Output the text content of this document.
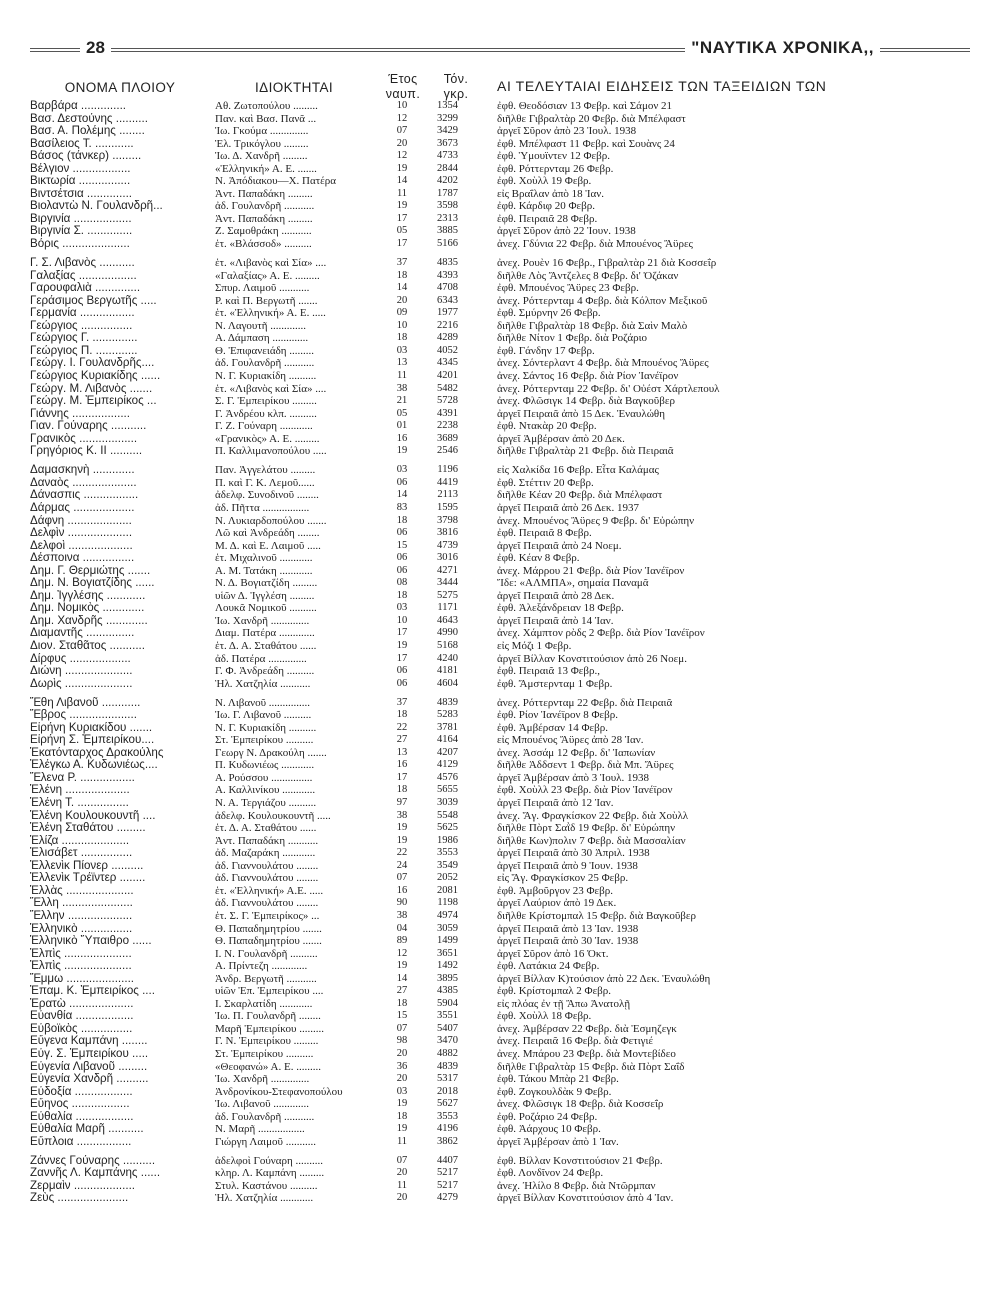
28	"ΝΑΥΤΙΚΑ ΧΡΟΝΙΚΑ,,
ΟΝΟΜΑ ΠΛΟΙΟΥ	ΙΔΙΟΚΤΗΤΑΙ
Έτος
ναυπ.
Τόν.
γκρ.	ΑΙ ΤΕΛΕΥΤΑΙΑΙ ΕΙΔΗΣΕΙΣ ΤΩΝ ΤΑΞΕΙΔΙΩΝ ΤΩΝ
Βαρβάρα ..............	Αθ. Ζωτοπούλου .........	10	1354	ἐφθ. Θεοδόσιαν 13 Φεβρ. καὶ Σάμον 21
Βασ. Δεστούνης ..........	Παν. καὶ Βασ. Πανᾶ ...	12	3299	διῆλθε Γιβραλτὰρ 20 Φεβρ. διὰ Μπέλφαστ
Βασ. Α. Πολέμης ........	Ἰω. Γκούμα ..............	07	3429	ἀργεῖ Σῦρον ἀπὸ 23 Ἰουλ. 1938
Βασίλειος Τ. ............	Ἑλ. Τρικόγλου .........	20	3673	ἐφθ. Μπέλφαστ 11 Φεβρ. καὶ Σουὰνς 24
Βάσος (τάνκερ) .........	Ἰω. Δ. Χανδρῆ .........	12	4733	ἐφθ. Ὑμουϊντεν 12 Φεβρ.
Βέλγιον ..................	«Ἑλληνική» Α. Ε. .......	19	2844	ἐφθ. Ρόττερνταμ 26 Φεβρ.
Βικτωρία ................	Ν. Ἀπόδιακου—Χ. Πατέρα	14	4202	ἐφθ. Χοὺλλ 19 Φεβρ.
Βιντσέτσια ..............	Ἀντ. Παπαδάκη .........	11	1787	εἰς Βραΐλαν ἀπὸ 18 Ἰαν.
Βιολαντὼ Ν. Γουλανδρῆ...	ἀδ. Γουλανδρῆ ...........	19	3598	ἐφθ. Κάρδιφ 20 Φεβρ.
Βιργινία ..................	Ἀντ. Παπαδάκη .........	17	2313	ἐφθ. Πειραιᾶ 28 Φεβρ.
Βιργινία Σ. ..............	Ζ. Σαμοθράκη ...........	05	3885	ἀργεῖ Σῦρον ἀπὸ 22 Ἰουν. 1938
Βόρις .....................	ἑτ. «Βλάσσοδ» ..........	17	5166	ἀνεχ. Γδύνια 22 Φεβρ. διὰ Μπουένος Ἄϋρες
Γ. Σ. Λιβανὸς ...........	ἑτ. «Λιβανὸς καὶ Σία» ....	37	4835	ἀνεχ. Ρουὲν 16 Φεβρ., Γιβραλτὰρ 21 διὰ Κοσσεΐρ
Γαλαξίας ..................	«Γαλαξίας» Α. Ε. .........	18	4393	διῆλθε Λὸς Ἄντζελες 8 Φεβρ. δι' Ὀζάκαν
Γαρουφαλιὰ ..............	Σπυρ. Λαιμοῦ ...........	14	4708	ἐφθ. Μπουένος Ἄϋρες 23 Φεβρ.
Γεράσιμος Βεργωτῆς .....	Ρ. καὶ Π. Βεργωτῆ .......	20	6343	ἀνεχ. Ρόττερνταμ 4 Φεβρ. διὰ Κόλπον Μεξικοῦ
Γερμανία .................	ἑτ. «Ἑλληνική» Α. Ε. .....	09	1977	ἐφθ. Σμύρνην 26 Φεβρ.
Γεώργιος ................	Ν. Λαγουτῆ .............	10	2216	διῆλθε Γιβραλτὰρ 18 Φεβρ. διὰ Σαὶν Μαλὸ
Γεώργιος Γ. ..............	Α. Δάμπαση .............	18	4289	διῆλθε Νίτον 1 Φεβρ. διὰ Ροζάριο
Γεώργιος Π. .............	Θ. Ἐπιφανειάδη .........	03	4052	ἐφθ. Γάνδην 17 Φεβρ.
Γεώργ. Ι. Γουλανδρῆς....	ἀδ. Γουλανδρῆ ...........	13	4345	ἀνεχ. Σόντερλαντ 4 Φεβρ. διὰ Μπουένος Ἄϋρες
Γεώργιος Κυριακίδης ......	Ν. Γ. Κυριακίδη ..........	11	4201	ἀνεχ. Σάντος 16 Φεβρ. διὰ Ρίον Ἰανέϊρον
Γεώργ. Μ. Λιβανὸς .......	ἑτ. «Λιβανὸς καὶ Σία» ....	38	5482	ἀνεχ. Ρόττερνταμ 22 Φεβρ. δι' Οὐέστ Χάρτλεπουλ
Γεώργ. Μ. Ἐμπειρίκος ...	Σ. Γ. Ἐμπειρίκου .........	21	5728	ἀνεχ. Φλῶσιγκ 14 Φεβρ. διὰ Βαγκοῦβερ
Γιάννης ..................	Γ. Ἀνδρέου κλπ. ..........	05	4391	ἀργεῖ Πειραιᾶ ἀπὸ 15 Δεκ. Ἐναυλώθη
Γιαν. Γούναρης ...........	Γ. Ζ. Γούναρη ............	01	2238	ἐφθ. Ντακὰρ 20 Φεβρ.
Γρανικὸς ..................	«Γρανικὸς» Α. Ε. .........	16	3689	ἀργεῖ Ἀμβέρσαν ἀπὸ 20 Δεκ.
Γρηγόριος Κ. ΙΙ ..........	Π. Καλλιμανοπούλου .....	19	2546	διῆλθε Γιβραλτὰρ 21 Φεβρ. διὰ Πειραιᾶ
Δαμασκηνὴ .............	Παν. Ἀγγελάτου .........	03	1196	εἰς Χαλκίδα 16 Φεβρ. Εἶτα Καλάμας
Δαναὸς ....................	Π. καὶ Γ. Κ. Λεμοῦ......	06	4419	ἐφθ. Στέττιν 20 Φεβρ.
Δάνασπις .................	ἀδελφ. Συνοδινοῦ ........	14	2113	διῆλθε Κέαν 20 Φεβρ. διὰ Μπέλφαστ
Δάρμας ...................	ἀδ. Πῆττα .................	83	1595	ἀργεῖ Πειραιᾶ ἀπὸ 26 Δεκ. 1937
Δάφνη ....................	Ν. Λυκιαρδοπούλου .......	18	3798	ἀνεχ. Μπουένος Ἄϋρες 9 Φεβρ. δι' Εὐρώπην
Δελφὶν ....................	Λῶ καὶ Ἀνδρεάδη ........	06	3816	ἐφθ. Πειραιᾶ 8 Φεβρ.
Δελφοὶ ....................	Μ. Δ. καὶ Ε. Λαιμοῦ .....	15	4739	ἀργεῖ Πειραιᾶ ἀπὸ 24 Νοεμ.
Δέσποινα ................	ἑτ. Μιχαλινοῦ ............	06	3016	ἐφθ. Κέαν 8 Φεβρ.
Δημ. Γ. Θερμιώτης .......	Α. Μ. Τατάκη ............	06	4271	ἀνεχ. Μάρρου 21 Φεβρ. διὰ Ρίον Ἰανέϊρον
Δημ. Ν. Βογιατζίδης ......	Ν. Δ. Βογιατζίδη .........	08	3444	Ἴδε: «ΑΛΜΠΑ», σημαία Παναμᾶ
Δημ. Ἰγγλέσης ............	υἱῶν Δ. Ἰγγλέση .........	18	5275	ἀργεῖ Πειραιᾶ ἀπὸ 28 Δεκ.
Δημ. Νομικὸς .............	Λουκᾶ Νομικοῦ ..........	03	1171	ἐφθ. Ἀλεξάνδρειαν 18 Φεβρ.
Δημ. Χανδρῆς .............	Ἰω. Χανδρῆ ..............	10	4643	ἀργεῖ Πειραιᾶ ἀπὸ 14 Ἰαν.
Διαμαντῆς ...............	Διαμ. Πατέρα .............	17	4990	ἀνεχ. Χάμπτον ρὸδς 2 Φεβρ. διὰ Ρίον Ἰανέϊρον
Διον. Σταθᾶτος ...........	ἑτ. Δ. Α. Σταθάτου ......	19	5168	εἰς Μόζι 1 Φεβρ.
Δίρφυς ...................	ἀδ. Πατέρα ..............	17	4240	ἀργεῖ Βίλλαν Κονστιτούσιον ἀπὸ 26 Νοεμ.
Διώνη .....................	Γ. Φ. Ἀνδρεάδη ..........	06	4181	ἐφθ. Πειραιᾶ 13 Φεβρ.,
Δωρὶς .....................	Ἡλ. Χατζηλία ...........	06	4604	ἐφθ. Ἄμστερνταμ 1 Φεβρ.
Ἔθη Λιβανοῦ ............	Ν. Λιβανοῦ ...............	37	4839	ἀνεχ. Ρόττερνταμ 22 Φεβρ. διὰ Πειραιᾶ
Ἔβρος .....................	Ἰω. Γ. Λιβανοῦ ..........	18	5283	ἐφθ. Ρίον Ἰανέϊρον 8 Φεβρ.
Εἰρήνη Κυριακίδου .......	Ν. Γ. Κυριακίδη ..........	22	3781	ἐφθ. Ἀμβέρσαν 14 Φεβρ.
Εἰρήνη Σ. Ἐμπειρίκου....	Στ. Ἐμπειρίκου ..........	27	4164	εἰς Μπουένος Ἄϋρες ἀπὸ 28 Ἰαν.
Ἑκατόνταρχος Δρακούλης	Γεωργ Ν. Δρακούλη .......	13	4207	ἀνεχ. Ἀσσάμ 12 Φεβρ. δι' Ἰαπωνίαν
Ἐλέγκω Α. Κυδωνιέως....	Π. Κυδωνιέως ............	16	4129	διῆλθε Ἀδδσεντ 1 Φεβρ. διὰ Μπ. Ἄϋρες
Ἔλενα Ρ. .................	Α. Ρούσσου ...............	17	4576	ἀργεῖ Ἀμβέρσαν ἀπὸ 3 Ἰουλ. 1938
Ἑλένη ....................	Α. Καλλινίκου ............	18	5655	ἐφθ. Χοὺλλ 23 Φεβρ. διὰ Ρίον Ἰανέϊρον
Ἑλένη Τ. ................	Ν. Α. Τεργιάζου ..........	97	3039	ἀργεῖ Πειραιᾶ ἀπὸ 12 Ἰαν.
Ἑλένη Κουλουκουντῆ ....	ἀδελφ. Κουλουκουντῆ .....	38	5548	ἀνεχ. Ἅγ. Φραγκίσκον 22 Φεβρ. διὰ Χοὺλλ
Ἑλένη Σταθάτου .........	ἑτ. Δ. Α. Σταθάτου ......	19	5625	διῆλθε Πὸρτ Σαῒδ 19 Φεβρ. δι' Εὐρώπην
Ἑλίζα .....................	Ἀντ. Παπαδάκη ...........	19	1986	διῆλθε Κων)πολιν 7 Φεβρ. διὰ Μασσαλίαν
Ἐλισάβετ ................	ἀδ. Μαζαράκη ............	22	3553	ἀργεῖ Πειραιᾶ ἀπὸ 30 Ἀπριλ. 1938
Ἐλλενὶκ Πίονερ ..........	ἀδ. Γιαννουλάτου ........	24	3549	ἀργεῖ Πειραιᾶ ἀπὸ 9 Ἰουν. 1938
Ἐλλενὶκ Τρέϊντερ ........	ἀδ. Γιαννουλάτου ........	07	2052	εἰς Ἅγ. Φραγκίσκον 25 Φεβρ.
Ἑλλὰς .....................	ἑτ. «Ἑλληνική» Α.Ε. .....	16	2081	ἐφθ. Ἀμβοῦργον 23 Φεβρ.
Ἕλλη ......................	ἀδ. Γιαννουλάτου ........	90	1198	ἀργεῖ Λαύριον ἀπὸ 19 Δεκ.
Ἕλλην ....................	ἑτ. Σ. Γ. Ἐμπειρίκος» ...	38	4974	διῆλθε Κρίστομπαλ 15 Φεβρ. διὰ Βαγκοῦβερ
Ἑλληνικὸ ................	Θ. Παπαδημητρίου .......	04	3059	ἀργεῖ Πειραιᾶ ἀπὸ 13 Ἰαν. 1938
Ἑλληνικὸ Ὕπαιθρο ......	Θ. Παπαδημητρίου .......	89	1499	ἀργεῖ Πειραιᾶ ἀπὸ 30 Ἰαν. 1938
Ἐλπὶς .....................	Ι. Ν. Γουλανδρῆ ..........	12	3651	ἀργεῖ Σῦρον ἀπὸ 16 Ὀκτ.
Ἐλπὶς .....................	Α. Πρίντεζη .............	19	1492	ἐφθ. Λατάκια 24 Φεβρ.
Ἔμμω .....................	Ἀνδρ. Βεργωτῆ ...........	14	3895	ἀργεῖ Βίλλαν Κ)τούσιον ἀπὸ 22 Δεκ. Ἐναυλώθη
Ἐπαμ. Κ. Ἐμπειρίκος ....	υἱῶν Ἐπ. Ἐμπειρίκου ....	27	4385	ἐφθ. Κρίστομπαλ 2 Φεβρ.
Ἐρατὼ ....................	Ι. Σκαρλατίδη ............	18	5904	εἰς πλόας ἐν τῇ Ἄπω Ἀνατολῇ
Εὐανθία ..................	Ἰω. Π. Γουλανδρῆ ........	15	3551	ἐφθ. Χοὺλλ 18 Φεβρ.
Εὐβοϊκὸς ................	Μαρῆ Ἐμπειρίκου .........	07	5407	ἀνεχ. Ἀμβέρσαν 22 Φεβρ. διὰ Ἐσμηζεγκ
Εὔγενα Καμπάνη ........	Γ. Ν. Ἐμπειρίκου .........	98	3470	ἀνεχ. Πειραιᾶ 16 Φεβρ. διὰ Φετιγιέ
Εὐγ. Σ. Ἐμπειρίκου .....	Στ. Ἐμπειρίκου ..........	20	4882	ἀνεχ. Μπάρου 23 Φεβρ. διὰ Μοντεβίδεο
Εὐγενία Λιβανοῦ .........	«Θεοφανώ» Α. Ε. .........	36	4839	διῆλθε Γιβραλτὰρ 15 Φεβρ. διὰ Πὸρτ Σαΐδ
Εὐγενία Χανδρῆ ..........	Ἰω. Χανδρῆ ..............	20	5317	ἐφθ. Τάκου Μπὰρ 21 Φεβρ.
Εὐδοξία ..................	Ἀνδρονίκου-Στεφανοπούλου	03	2018	ἐφθ. Ζογκουλδὰκ 9 Φεβρ.
Εὔηνος ..................	Ἰω. Λιβανοῦ .............	19	5627	ἀνεχ. Φλῶσιγκ 18 Φεβρ. διὰ Κοσσεΐρ
Εὐθαλία ..................	ἀδ. Γουλανδρῆ ...........	18	3553	ἐφθ. Ροζάριο 24 Φεβρ.
Εὐθαλία Μαρῆ ...........	Ν. Μαρῆ .................	19	4196	ἐφθ. Ἀάρχους 10 Φεβρ.
Εὔπλοια .................	Γιώργη Λαιμοῦ ...........	11	3862	ἀργεῖ Ἀμβέρσαν ἀπὸ 1 Ἰαν.
Ζάννες Γούναρης ..........	ἀδελφοὶ Γούναρη ..........	07	4407	ἐφθ. Βίλλαν Κονστιτούσιον 21 Φεβρ.
Ζαννῆς Λ. Καμπάνης ......	κληρ. Λ. Καμπάνη .........	20	5217	ἐφθ. Λονδῖνον 24 Φεβρ.
Ζερμαὶν ...................	Στυλ. Καστάνου ..........	11	5217	ἀνεχ. Ἠλίλο 8 Φεβρ. διὰ Ντῶρμπαν
Ζεὺς ......................	Ἡλ. Χατζηλία ............	20	4279	ἀργεῖ Βίλλαν Κονστιτούσιον ἀπὸ 4 Ἰαν.
